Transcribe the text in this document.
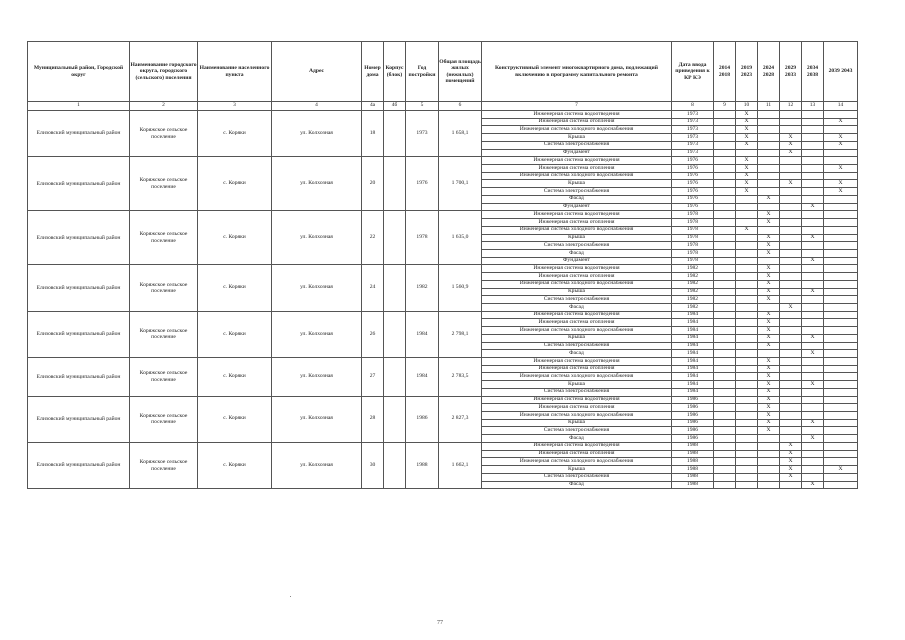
Муниципальный район, Городской округ	Наименование городского округа, городского (сельского) поселения	Наименование населенного пункта	Адрес	Номер дома	Корпус (блок)	Год постройки	Общая площадь жилых (нежилых) помещений	Конструктивный элемент многоквартирного дома, подлежащий включению в программу капитального ремонта	Дата ввода приведения к КР КЭ	2014 2018	2019 2023	2024 2028	2029 2033	2034 2038	2039 2043
1	2	3	4	4а	4б	5	6	7	8	9	10	11	12	13	14
Елизовский муниципальный район	Коряжское сельское поселение	с. Коряки	ул. Колхозная	18		1973	1 658,1	Инженерная система водоотведения	1973		X				
								Инженерная система отопления	1973		X				X
								Инженерная система холодного водоснабжения	1973		X				
								Крыша	1973		X		X		X
								Система электроснабжения	1973		X		X		X
								Фундамент	1973				X		
Елизовский муниципальный район	Коряжское сельское поселение	с. Коряки	ул. Колхозная	20		1976	1 700,1	Инженерная система водоотведения	1976		X				
								Инженерная система отопления	1976		X				X
								Инженерная система холодного водоснабжения	1976		X				
								Крыша	1976		X		X		X
								Система электроснабжения	1976		X				X
								Фасад	1976			X			
								Фундамент	1976					X	
Елизовский муниципальный район	Коряжское сельское поселение	с. Коряки	ул. Колхозная	22		1978	1 635,0	Инженерная система водоотведения	1978			X			
								Инженерная система отопления	1978			X			
								Инженерная система холодного водоснабжения	1978		X				
								Крыша	1978			X		X	
								Система электроснабжения	1978			X			
								Фасад	1978			X			
								Фундамент	1978					X	
Елизовский муниципальный район	Коряжское сельское поселение	с. Коряки	ул. Колхозная	24		1982	1 560,9	Инженерная система водоотведения	1982			X			
								Инженерная система отопления	1982			X			
								Инженерная система холодного водоснабжения	1982			X			
								Крыша	1982			X		X	
								Система электроснабжения	1982			X			
								Фасад	1982				X		
Елизовский муниципальный район	Коряжское сельское поселение	с. Коряки	ул. Колхозная	26		1984	2 798,1	Инженерная система водоотведения	1984			X			
								Инженерная система отопления	1984			X			
								Инженерная система холодного водоснабжения	1984			X			
								Крыша	1984			X		X	
								Система электроснабжения	1984			X			
								Фасад	1984					X	
Елизовский муниципальный район	Коряжское сельское поселение	с. Коряки	ул. Колхозная	27		1984	2 783,5	Инженерная система водоотведения	1984			X			
								Инженерная система отопления	1984			X			
								Инженерная система холодного водоснабжения	1984			X			
								Крыша	1984			X		X	
								Система электроснабжения	1984			X			
Елизовский муниципальный район	Коряжское сельское поселение	с. Коряки	ул. Колхозная	28		1986	2 827,3	Инженерная система водоотведения	1986			X			
								Инженерная система отопления	1986			X			
								Инженерная система холодного водоснабжения	1986			X			
								Крыша	1986			X		X	
								Система электроснабжения	1986			X			
								Фасад	1986					X	
Елизовский муниципальный район	Коряжское сельское поселение	с. Коряки	ул. Колхозная	30		1988	1 662,1	Инженерная система водоотведения	1988				X		
								Инженерная система отопления	1988				X		
								Инженерная система холодного водоснабжения	1988				X		
								Крыша	1988				X		X
								Система электроснабжения	1988				X		
								Фасад	1988					X	
77
